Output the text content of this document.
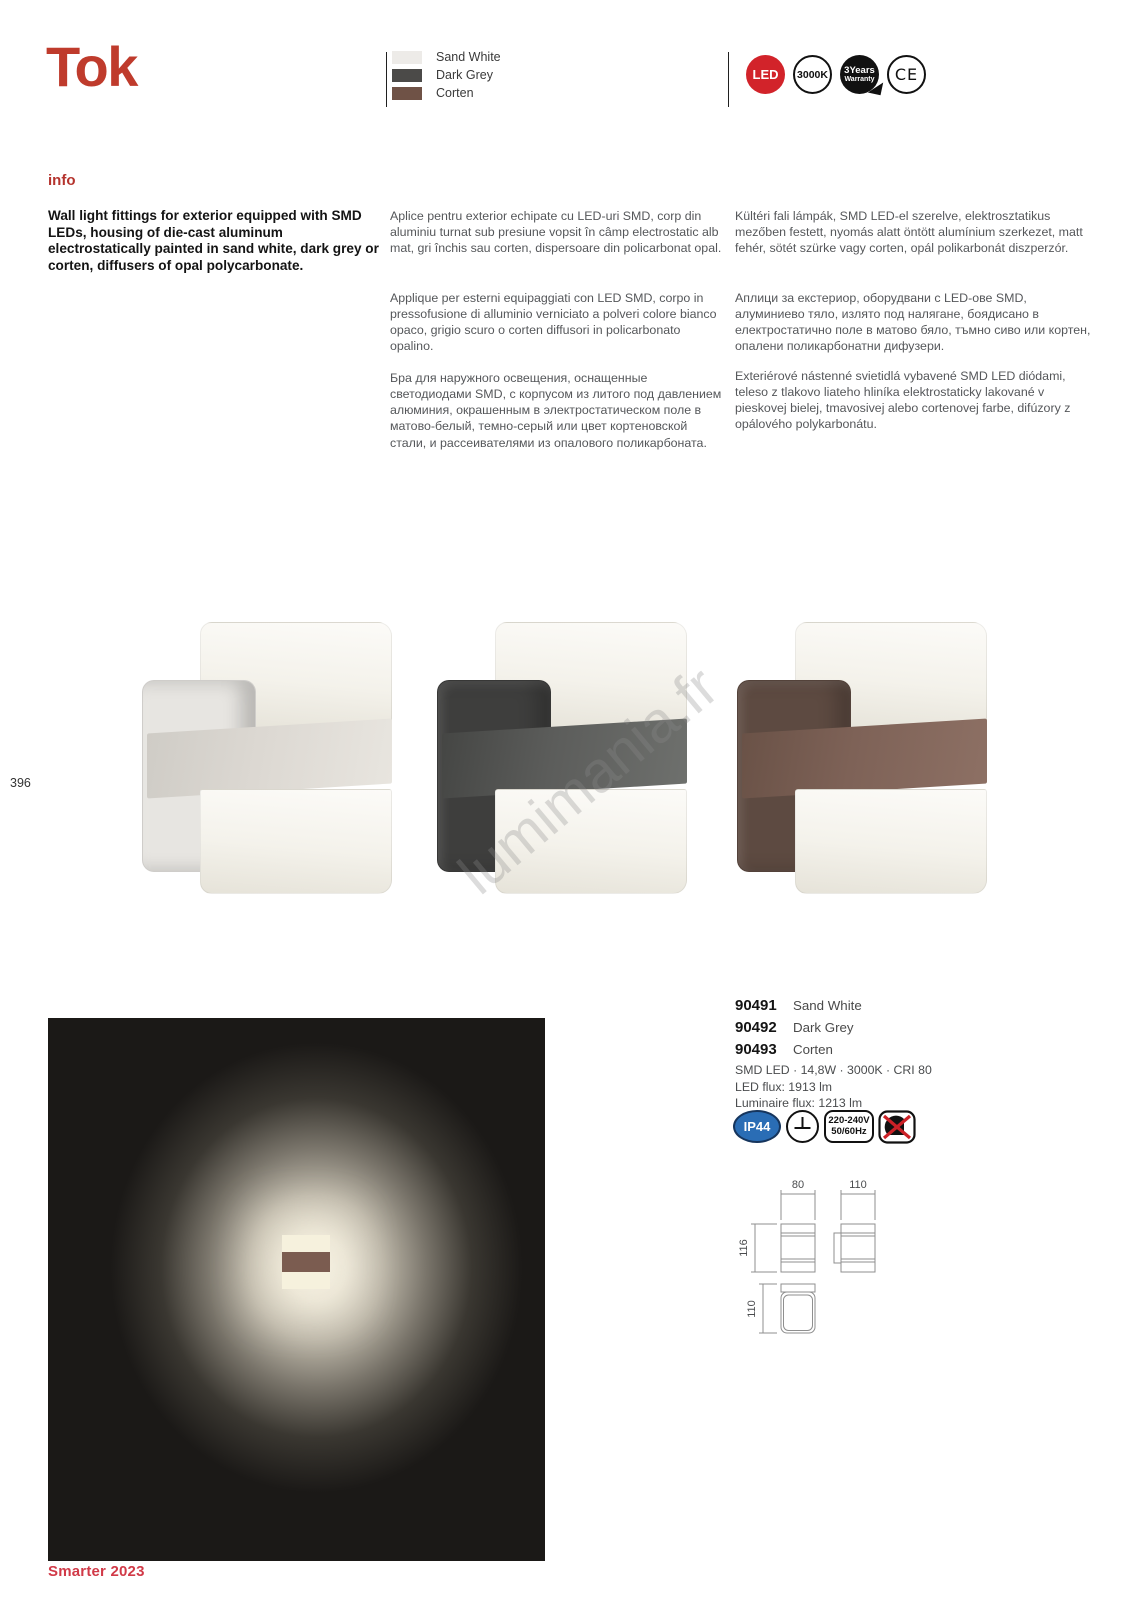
Tok	Sand White
Dark Grey
Corten
LED 3000K 3Years
Warranty CE
info
Wall light fittings for exterior equipped with SMD LEDs, housing of die-cast aluminum electrostatically painted in sand white, dark grey or corten, diffusers of opal polycarbonate.
Aplice pentru exterior echipate cu LED-uri SMD, corp din aluminiu turnat sub presiune vopsit în câmp electrostatic alb mat, gri închis sau corten, dispersoare din policarbonat opal.
Applique per esterni equipaggiati con LED SMD, corpo in pressofusione di alluminio verniciato a polveri colore bianco opaco, grigio scuro o corten diffusori in policarbonato opalino.
Бра для наружного освещения, оснащенные светодиодами SMD, с корпусом из литого под давлением алюминия, окрашенным в электростатическом поле в матово-белый, темно-серый или цвет кортеновской стали, и рассеивателями из опалового поликарбоната.
Kültéri fali lámpák, SMD LED-el szerelve, elektrosztatikus mezőben festett, nyomás alatt öntött alumínium szerkezet, matt fehér, sötét szürke vagy corten, opál polikarbonát diszperzór.
Аплици за екстериор, оборудвани с LED-ове SMD, алуминиево тяло, излято под налягане, боядисано в електростатично поле в матово бяло, тъмно сиво или кортен, опалени поликарбонатни дифузери.
Exteriérové nástenné svietidlá vybavené SMD LED diódami, teleso z tlakovo liateho hliníka elektrostaticky lakované v pieskovej bielej, tmavosivej alebo cortenovej farbe, difúzory z opálového polykarbonátu.
lumimania.fr
396
90491	Sand White
90492	Dark Grey
90493	Corten
SMD LED · 14,8W · 3000K · CRI 80
LED flux: 1913 lm
Luminaire flux: 1213 lm
IP44	220-240V
50/60Hz
80	110
116
110
Smarter 2023
